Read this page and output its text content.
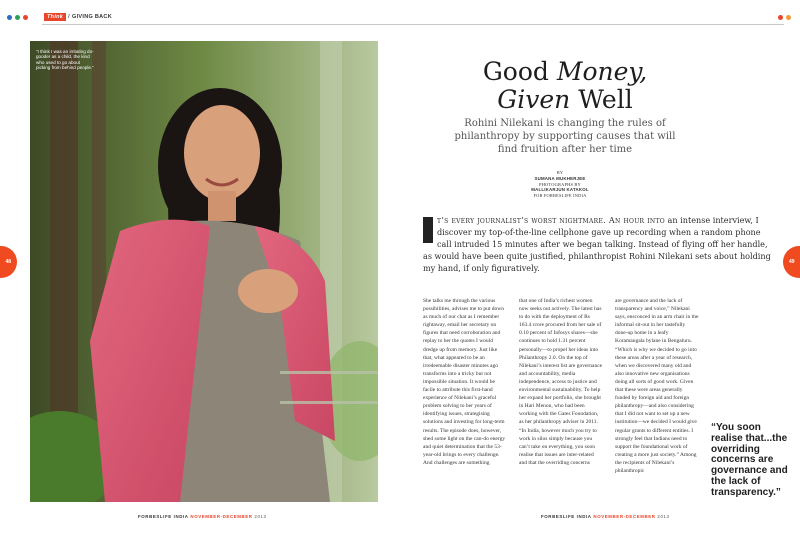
Think / GIVING BACK
48	49
“I think I was an irritating do-gooder as a child, the kind who used to go about picking from behind people.”	Good Money,
Given Well

Rohini Nilekani is changing the rules of philanthropy by supporting causes that will find fruition after her time

BY
SUMANA MUKHERJEE
PHOTOGRAPHS BY
MALLIKARJUN KATAKOL
FOR FORBESLIFE INDIA
t’s every journalist’s worst nightmare. An hour into an intense interview, I discover my top-of-the-line cellphone gave up recording when a random phone call intruded 15 minutes after we began talking. Instead of flying off her handle, as would have been quite justified, philanthropist Rohini Nilekani sets about holding my hand, if only figuratively.

She talks me through the various possibilities, advises me to put down as much of our chat as I remember rightaway, email her secretary on figures that need corroboration and replay to her the quotes I would dredge up from memory. Just like that, what appeared to be an irredeemable disaster minutes ago transforms into a tricky but not impossible situation. It would be facile to attribute this first-hand experience of Nilekani’s graceful problem solving to her years of identifying issues, strategising solutions and investing for long-term results. The episode does, however, shed some light on the can-do energy and quiet determination that the 53-year-old brings to every challenge. And challenges are something

that one of India’s richest women now seeks out actively. The latest has to do with the deployment of Rs 163.4 crore procured from her sale of 0.10 percent of Infosys shares—she continues to hold 1.31 percent personally—to propel her ideas into Philanthropy 2.0. On the top of Nilekani’s interest list are governance and accountability, media independence, access to justice and environmental sustainability. To help her expand her portfolio, she brought in Hari Menon, who had been working with the Gates Foundation, as her philanthropy adviser in 2011. “In India, however much you try to work in silos simply because you can’t take on everything, you soon realise that issues are inter-related and that the overriding concerns

are governance and the lack of transparency and voice,” Nilekani says, ensconced in an arm chair in the informal sit-out in her tastefully done-up home in a leafy Koramangala bylane in Bengaluru. “Which is why we decided to go into these areas after a year of research, when we discovered many old and also innovative new organisations doing all sorts of good work. Given that these were areas generally funded by foreign aid and foreign philanthropy—and also considering that I did not want to set up a new institution—we decided I would give regular grants to different entities. I strongly feel that Indians need to support the foundational work of creating a more just society.” Among the recipients of Nilekani’s philanthropic

“You soon realise that...the overriding concerns are governance and the lack of transparency.”
FORBESLIFE INDIA NOVEMBER-DECEMBER 2013	FORBESLIFE INDIA NOVEMBER-DECEMBER 2013
